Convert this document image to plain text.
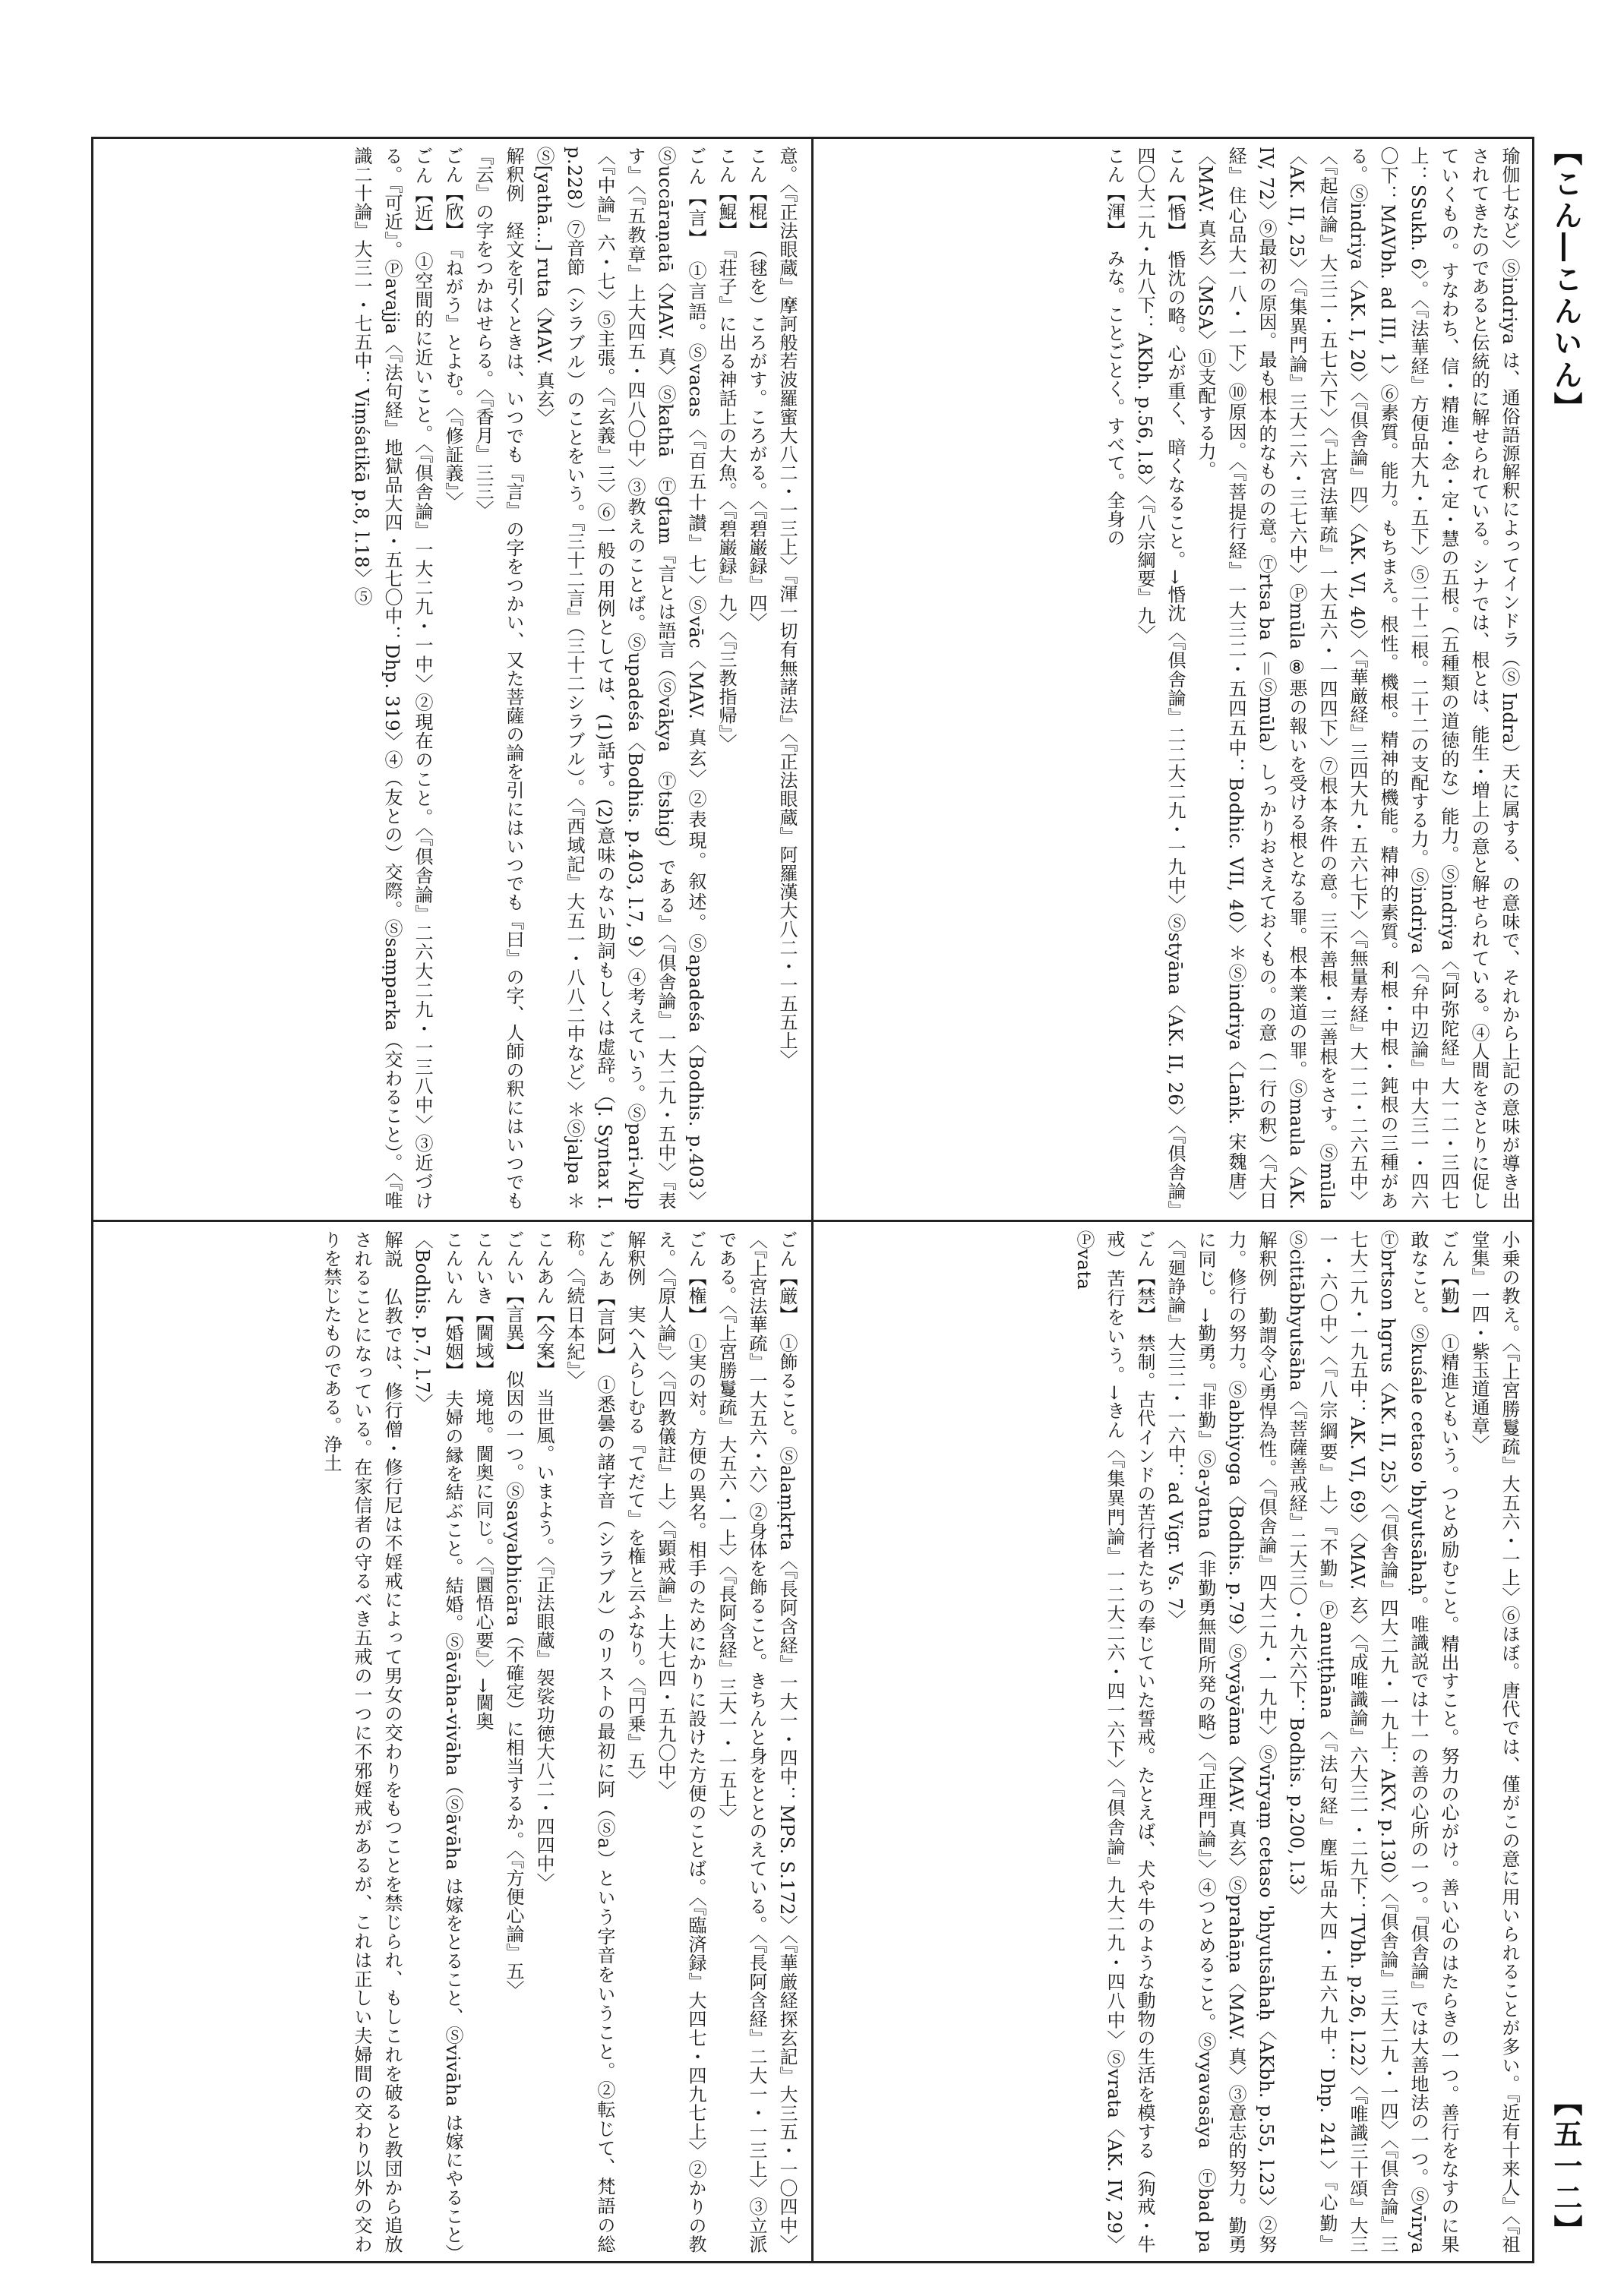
【こん―こんいん】

瑜伽七など〉Ⓢindriya は、通俗語源解釈によってインドラ（Ⓢ Indra）天に属する、の意味で、それから上記の意味が導き出されてきたのであると伝統的に解せられている。シナでは、根とは、能生・増上の意と解せられている。④人間をさとりに促していくもの。すなわち、信・精進・念・定・慧の五根。（五種類の道徳的な）能力。Ⓢindriya〈『阿弥陀経』大一二・三四七上：SSukh. 6〉。〈『法華経』方便品大九・五下〉⑤二十二根。二十二の支配する力。Ⓢindriya〈『弁中辺論』中大三一・四六〇下：MAVbh. ad III, 1〉⑥素質。能力。もちまえ。根性。機根。精神的機能。精神的素質。利根・中根・鈍根の三種がある。Ⓢindriya〈AK. I, 20〉〈『倶舎論』四〉〈AK. VI, 40〉〈『華厳経』三四大九・五六七下〉〈『無量寿経』大一二・二六五中〉〈『起信論』大三二・五七六下〉〈『上宮法華疏』一大五六・一四四下〉⑦根本条件の意。三不善根・三善根をさす。Ⓢmūla〈AK. II, 25〉〈『集異門論』三大二六・三七六中〉Ⓟmūla ⑧悪の報いを受ける根となる罪。根本業道の罪。Ⓢmaula〈AK. IV, 72〉⑨最初の原因。最も根本的なものの意。Ⓣrtsa ba（＝Ⓢmūla）しっかりおさえておくもの。の意（一行の釈）〈『大日経』住心品大一八・一下〉⑩原因。〈『菩提行経』一大三二・五四五中：Bodhic. VII, 40〉＊Ⓢindriya〈Laṅk. 宋魏唐〉〈MAV. 真玄〉〈MSA〉⑪支配する力。

こん【惛】　惛沈の略。心が重く、暗くなること。→惛沈〈『倶舎論』二二大二九・一九中〉Ⓢstyāna〈AK. II, 26〉〈『倶舎論』四〇大二九・九八下：AKbh. p.56, l.8〉〈『八宗綱要』九〉

こん【渾】　みな。ことごとく。すべて。全身の

意。〈『正法眼蔵』摩訶般若波羅蜜大八二・一三上〉『渾一切有無諸法』〈『正法眼蔵』阿羅漢大八二・一五五上〉

こん【棍】　（毬を）ころがす。ころがる。〈『碧巌録』四〉

こん【鯤】　『荘子』に出る神話上の大魚。〈『碧巌録』九〉〈『三教指帰』〉

ごん【言】　①言語。Ⓢvacas〈『百五十讃』七〉Ⓢvāc〈MAV. 真玄〉②表現。叙述。Ⓢapadeśa〈Bodhis. p.403〉Ⓢuccāraṇatā〈MAV. 真〉Ⓢkathā　Ⓣgtam『言とは語言（Ⓢvākya　Ⓣtshig）である』〈『倶舎論』一大二九・五中〉『表す』〈『五教章』上大四五・四八〇中〉③教えのことば。Ⓢupadeśa〈Bodhis. p.403, l.7, 9〉④考えていう。Ⓢpari-√klp〈『中論』六・七〉⑤主張。〈『玄義』三〉⑥一般の用例としては、(1)話す。(2)意味のない助詞もしくは虚辞。（J. Syntax I. p.228）⑦音節（シラブル）のことをいう。『三十二言』（三十二シラブル）。〈『西域記』大五一・八八二中など〉＊Ⓢjalpa ＊Ⓢ[yathā...] ruta〈MAV. 真玄〉

解釈例　経文を引くときは、いつでも『言』の字をつかい、又た菩薩の論を引にはいつでも『曰』の字、人師の釈にはいつでも『云』の字をつかはせらる。〈『香月』三三〉

ごん【欣】　『ねがう』とよむ。〈『修証義』〉

ごん【近】　①空間的に近いこと。〈『倶舎論』一大二九・一中〉②現在のこと。〈『倶舎論』二六大二九・一三八中〉③近づける。『可近』。Ⓟavajja〈『法句経』地獄品大四・五七〇中：Dhp. 319〉④（友との）交際。Ⓢsaṃparka（交わること）。〈『唯識二十論』大三一・七五中：Viṃśatikā p.8, l.18〉⑤

小乗の教え。〈『上宮勝鬘疏』大五六・一上〉⑥ほぼ。唐代では、僅がこの意に用いられることが多い。『近有十来人』〈『祖堂集』一四・紫玉道通章〉

ごん【勤】　①精進ともいう。つとめ励むこと。精出すこと。努力の心がけ。善い心のはたらきの一つ。善行をなすのに果敢なこと。Ⓢkuśale cetaso 'bhyutsāhaḥ。唯識説では十一の善の心所の一つ。『倶舎論』では大善地法の一つ。Ⓢvīrya　Ⓣbrtson hgrus〈AK. II, 25〉〈『倶舎論』四大二九・一九上：AKV. p.130〉〈『倶舎論』三大二九・一四〉〈『倶舎論』三七大二九・一九五中：AK. VI, 69〉〈MAV. 玄〉〈『成唯識論』六大三一・二九下：TVbh. p.26, l.22〉〈『唯識三十頌』大三一・六〇中〉〈『八宗綱要』上〉『不勤』Ⓟanuṭṭhāna〈『法句経』塵垢品大四・五六九中：Dhp. 241〉『心勤』Ⓢcittābhyutsāha〈『菩薩善戒経』二大三〇・九六六下：Bodhis. p.200, l.3〉

解釈例　勤謂令心勇悍為性。〈『倶舎論』四大二九・一九中〉Ⓢvīryaṃ cetaso 'bhyutsāhaḥ〈AKbh. p.55, l.23〉②努力。修行の努力。Ⓢabhiyoga〈Bodhis. p.79〉Ⓢvyāyāma〈MAV. 真玄〉Ⓢprahāṇa〈MAV. 真〉③意志的努力。勤勇に同じ。→勤勇。『非勤』Ⓢa-yatna（非勤勇無間所発の略）〈『正理門論』〉④つとめること。Ⓢvyavasāya　Ⓣbad pa〈『廻諍論』大三二・一六中：ad Vigr. Vs. 7〉

ごん【禁】　禁制。古代インドの苦行者たちの奉じていた誓戒。たとえば、犬や牛のような動物の生活を模する（狗戒・牛戒）苦行をいう。→きん〈『集異門論』一二大二六・四一六下〉〈『倶舎論』九大二九・四八中〉Ⓢvrata〈AK. IV, 29〉Ⓟvata

ごん【厳】　①飾ること。Ⓢalaṃkṛta〈『長阿含経』一大一・四中：MPS. S.172〉〈『華厳経探玄記』大三五・一〇四中〉〈『上宮法華疏』一大五六・六〉②身体を飾ること。きちんと身をととのえている。〈『長阿含経』二大一・一三上〉③立派である。〈『上宮勝鬘疏』大五六・一上〉〈『長阿含経』三大一・一五上〉

ごん【権】　①実の対。方便の異名。相手のためにかりに設けた方便のことば。〈『臨済録』大四七・四九七上〉②かりの教え。〈『原人論』〉〈『四教儀註』上〉〈『顕戒論』上大七四・五九〇中〉

解釈例　実へ入らしむる『てだて』を権と云ふなり。〈『円乗』五〉

ごんあ【言阿】　①悉曇の諸字音（シラブル）のリストの最初に阿（Ⓢa）という字音をいうこと。②転じて、梵語の総称。〈『続日本紀』〉

こんあん【今案】　当世風。いまよう。〈『正法眼蔵』袈裟功徳大八二・四四中〉

ごんい【言異】　似因の一つ。Ⓢsavyabhicāra（不確定）に相当するか。〈『方便心論』五〉

こんいき【閫域】　境地。閫奥に同じ。〈『圜悟心要』〉→閫奥

こんいん【婚姻】　夫婦の縁を結ぶこと。結婚。Ⓢāvāha-vivāha（Ⓢāvāha は嫁をとること、Ⓢvivāha は嫁にやること）〈Bodhis. p.7, l.7〉

解説　仏教では、修行僧・修行尼は不婬戒によって男女の交わりをもつことを禁じられ、もしこれを破ると教団から追放されることになっている。在家信者の守るべき五戒の一つに不邪婬戒があるが、これは正しい夫婦間の交わり以外の交わりを禁じたものである。浄土

【五一二】
